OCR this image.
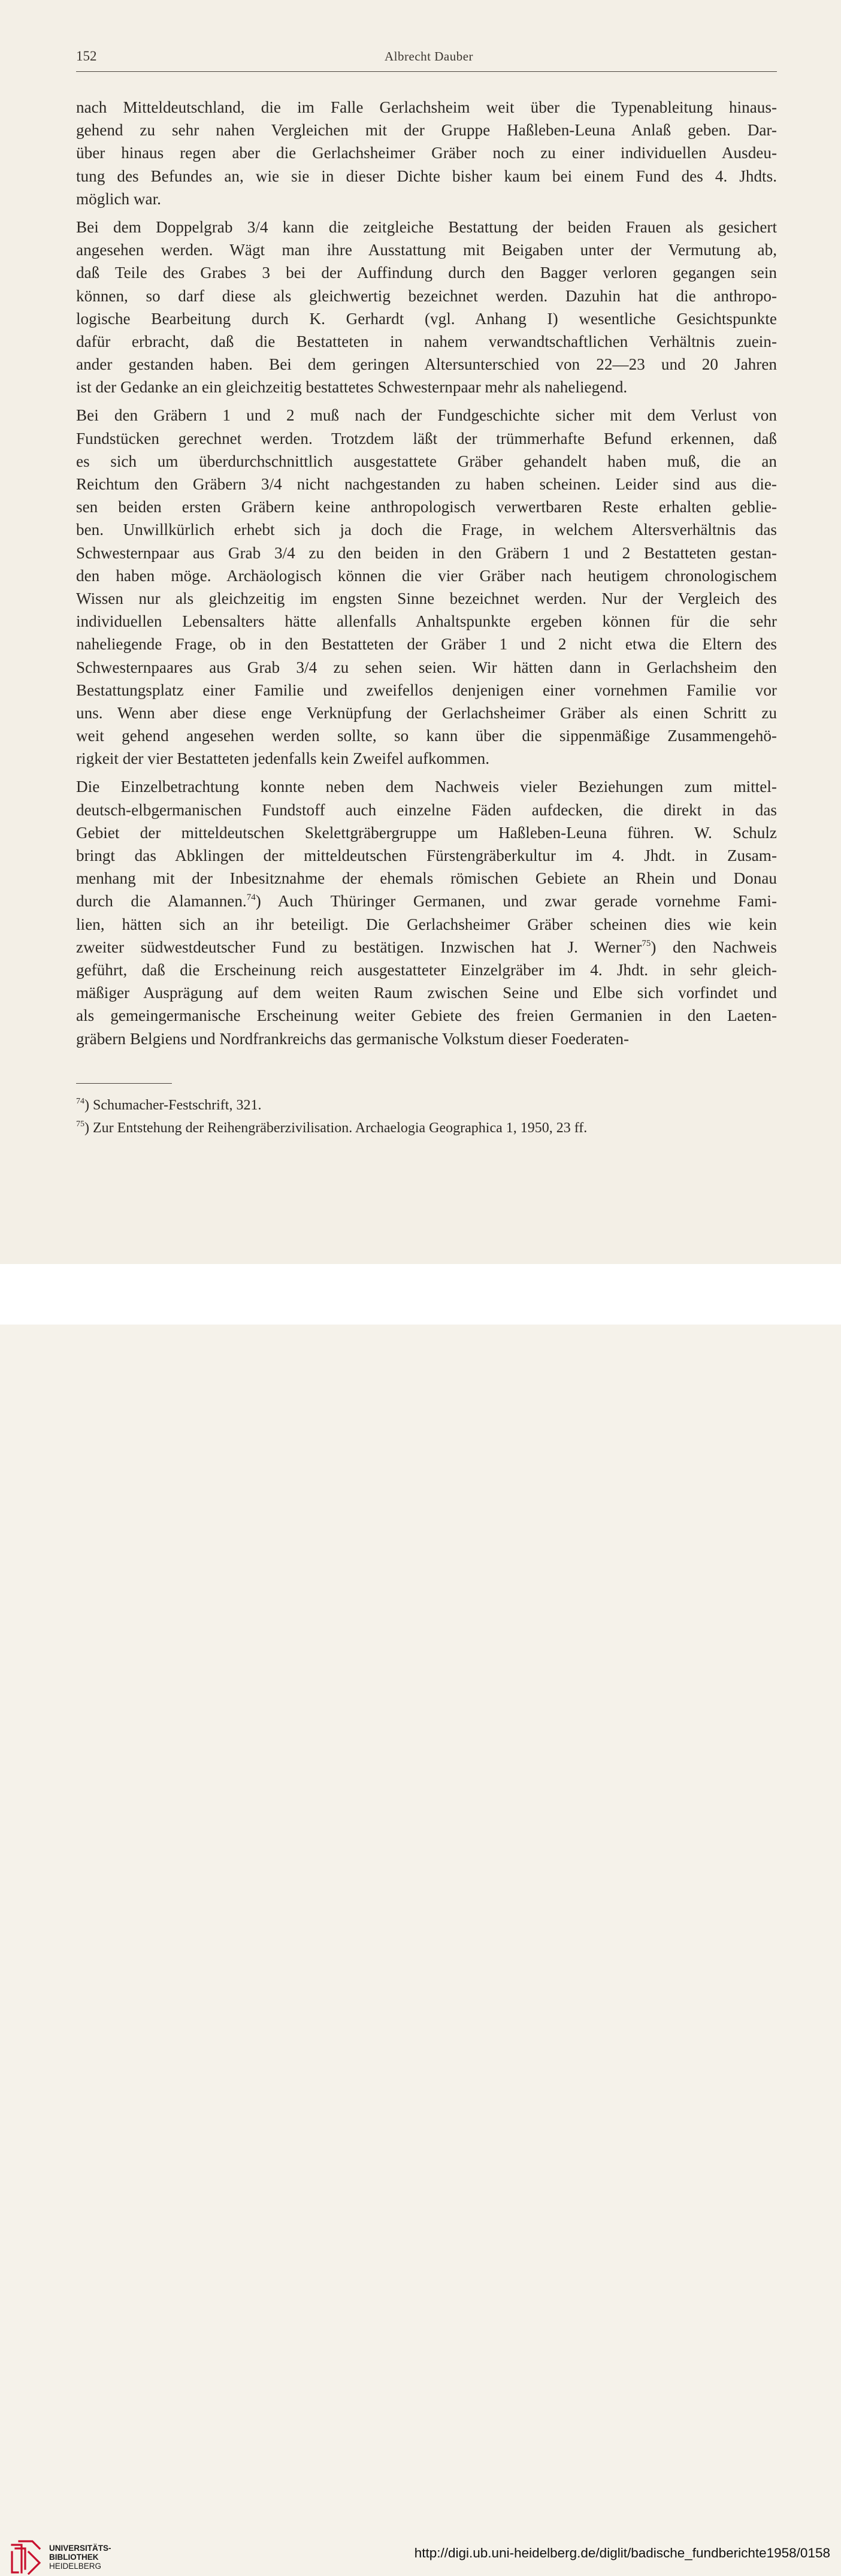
152	Albrecht Dauber
nach Mitteldeutschland, die im Falle Gerlachsheim weit über die Typenableitung hinaus-
gehend zu sehr nahen Vergleichen mit der Gruppe Haßleben-Leuna Anlaß geben. Dar-
über hinaus regen aber die Gerlachsheimer Gräber noch zu einer individuellen Ausdeu-
tung des Befundes an, wie sie in dieser Dichte bisher kaum bei einem Fund des 4. Jhdts.
möglich war.
Bei dem Doppelgrab 3/4 kann die zeitgleiche Bestattung der beiden Frauen als gesichert
angesehen werden. Wägt man ihre Ausstattung mit Beigaben unter der Vermutung ab,
daß Teile des Grabes 3 bei der Auffindung durch den Bagger verloren gegangen sein
können, so darf diese als gleichwertig bezeichnet werden. Dazuhin hat die anthropo-
logische Bearbeitung durch K. Gerhardt (vgl. Anhang I) wesentliche Gesichtspunkte
dafür erbracht, daß die Bestatteten in nahem verwandtschaftlichen Verhältnis zuein-
ander gestanden haben. Bei dem geringen Altersunterschied von 22—23 und 20 Jahren
ist der Gedanke an ein gleichzeitig bestattetes Schwesternpaar mehr als naheliegend.
Bei den Gräbern 1 und 2 muß nach der Fundgeschichte sicher mit dem Verlust von
Fundstücken gerechnet werden. Trotzdem läßt der trümmerhafte Befund erkennen, daß
es sich um überdurchschnittlich ausgestattete Gräber gehandelt haben muß, die an
Reichtum den Gräbern 3/4 nicht nachgestanden zu haben scheinen. Leider sind aus die-
sen beiden ersten Gräbern keine anthropologisch verwertbaren Reste erhalten geblie-
ben. Unwillkürlich erhebt sich ja doch die Frage, in welchem Altersverhältnis das
Schwesternpaar aus Grab 3/4 zu den beiden in den Gräbern 1 und 2 Bestatteten gestan-
den haben möge. Archäologisch können die vier Gräber nach heutigem chronologischem
Wissen nur als gleichzeitig im engsten Sinne bezeichnet werden. Nur der Vergleich des
individuellen Lebensalters hätte allenfalls Anhaltspunkte ergeben können für die sehr
naheliegende Frage, ob in den Bestatteten der Gräber 1 und 2 nicht etwa die Eltern des
Schwesternpaares aus Grab 3/4 zu sehen seien. Wir hätten dann in Gerlachsheim den
Bestattungsplatz einer Familie und zweifellos denjenigen einer vornehmen Familie vor
uns. Wenn aber diese enge Verknüpfung der Gerlachsheimer Gräber als einen Schritt zu
weit gehend angesehen werden sollte, so kann über die sippenmäßige Zusammengehö-
rigkeit der vier Bestatteten jedenfalls kein Zweifel aufkommen.
Die Einzelbetrachtung konnte neben dem Nachweis vieler Beziehungen zum mittel-
deutsch-elbgermanischen Fundstoff auch einzelne Fäden aufdecken, die direkt in das
Gebiet der mitteldeutschen Skelettgräbergruppe um Haßleben-Leuna führen. W. Schulz
bringt das Abklingen der mitteldeutschen Fürstengräberkultur im 4. Jhdt. in Zusam-
menhang mit der Inbesitznahme der ehemals römischen Gebiete an Rhein und Donau
durch die Alamannen.$^{74}$) Auch Thüringer Germanen, und zwar gerade vornehme Fami-
lien, hätten sich an ihr beteiligt. Die Gerlachsheimer Gräber scheinen dies wie kein
zweiter südwestdeutscher Fund zu bestätigen. Inzwischen hat J. Werner$^{75}$) den Nachweis
geführt, daß die Erscheinung reich ausgestatteter Einzelgräber im 4. Jhdt. in sehr gleich-
mäßiger Ausprägung auf dem weiten Raum zwischen Seine und Elbe sich vorfindet und
als gemeingermanische Erscheinung weiter Gebiete des freien Germanien in den Laeten-
gräbern Belgiens und Nordfrankreichs das germanische Volkstum dieser Foederaten-
$^{74}$) Schumacher-Festschrift, 321.
$^{75}$) Zur Entstehung der Reihengräberzivilisation. Archaelogia Geographica 1, 1950, 23 ff.
UNIVERSITÄTS-
BIBLIOTHEK
HEIDELBERG
http://digi.ub.uni-heidelberg.de/diglit/badische_fundberichte1958/0158
